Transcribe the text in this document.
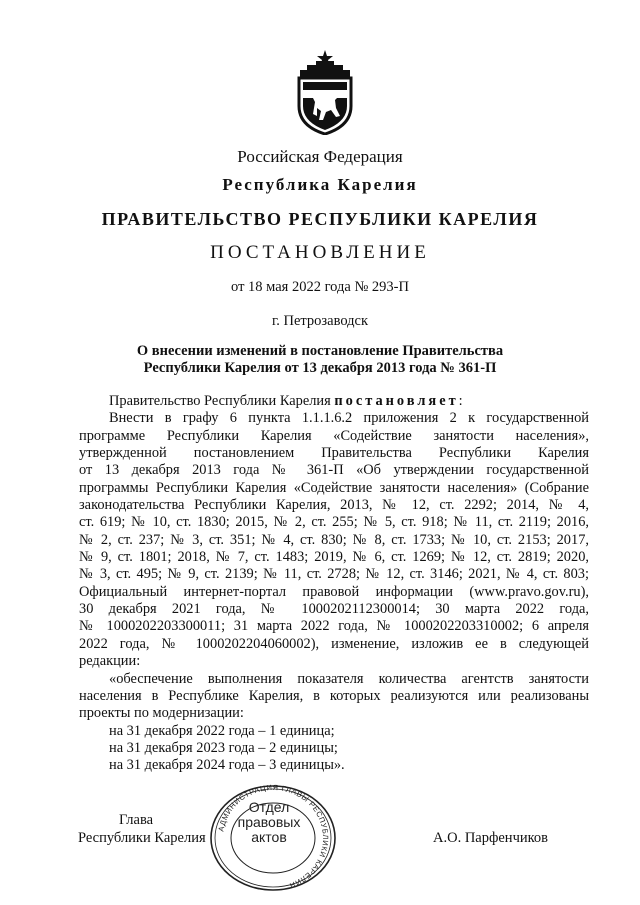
Российская Федерация
Республика Карелия
ПРАВИТЕЛЬСТВО РЕСПУБЛИКИ КАРЕЛИЯ
ПОСТАНОВЛЕНИЕ
от 18 мая 2022 года № 293-П
г. Петрозаводск
О внесении изменений в постановление Правительства
Республики Карелия от 13 декабря 2013 года № 361-П

Правительство Республики Карелия постановляет:

Внести в графу 6 пункта 1.1.1.6.2 приложения 2 к государственной

программе Республики Карелия «Содействие занятости населения»,

утвержденной постановлением Правительства Республики Карелия

от 13 декабря 2013 года № 361-П «Об утверждении государственной

программы Республики Карелия «Содействие занятости населения» (Собрание

законодательства Республики Карелия, 2013, № 12, ст. 2292; 2014, № 4,

ст. 619; № 10, ст. 1830; 2015, № 2, ст. 255; № 5, ст. 918; № 11, ст. 2119; 2016,

№ 2, ст. 237; № 3, ст. 351; № 4, ст. 830; № 8, ст. 1733; № 10, ст. 2153; 2017,

№ 9, ст. 1801; 2018, № 7, ст. 1483; 2019, № 6, ст. 1269; № 12, ст. 2819; 2020,

№ 3, ст. 495; № 9, ст. 2139; № 11, ст. 2728; № 12, ст. 3146; 2021, № 4, ст. 803;

Официальный интернет-портал правовой информации (www.pravo.gov.ru),

30 декабря 2021 года, № 1000202112300014; 30 марта 2022 года,

№ 1000202203300011; 31 марта 2022 года, № 1000202203310002; 6 апреля

2022 года, № 1000202204060002), изменение, изложив ее в следующей

редакции:

«обеспечение выполнения показателя количества агентств занятости

населения в Республике Карелия, в которых реализуются или реализованы

проекты по модернизации:

на 31 декабря 2022 года – 1 единица;

на 31 декабря 2023 года – 2 единицы;

на 31 декабря 2024 года – 3 единицы».

Глава
Республики Карелия	А.О. Парфенчиков
АДМИНИСТРАЦИЯ ГЛАВЫ РЕСПУБЛИКИ КАРЕЛИЯ
Отдел
правовых
актов
